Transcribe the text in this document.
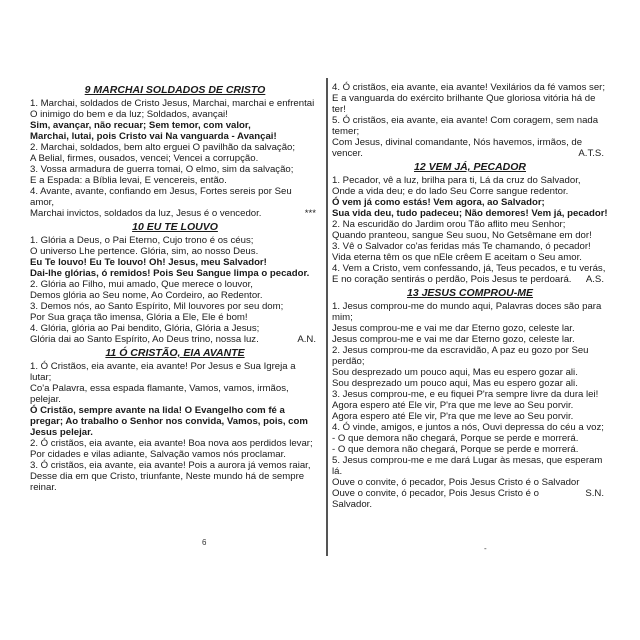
9 MARCHAI SOLDADOS DE CRISTO
1. Marchai, soldados de Cristo Jesus, Marchai, marchai e enfrentai
O inimigo do bem e da luz; Soldados, avançai!
Sim, avançar, não recuar; Sem temor, com valor,
Marchai, lutai, pois Cristo vai Na vanguarda - Avançai!
2. Marchai, soldados, bem alto erguei O pavilhão da salvação;
A Belial, firmes, ousados, vencei; Vencei a corrupção.
3. Vossa armadura de guerra tomai, O elmo, sim da salvação;
E a Espada: a Bíblia levai, E vencereis, então.
4. Avante, avante, confiando em Jesus, Fortes sereis por Seu
amor,
Marchai invictos, soldados da luz, Jesus é o vencedor.	***
10 EU TE LOUVO
1. Glória a Deus, o Pai Eterno, Cujo trono é os céus;
O universo Lhe pertence. Glória, sim, ao nosso Deus.
Eu Te louvo! Eu Te louvo! Oh! Jesus, meu Salvador!
Dai-lhe glórias, ó remidos! Pois Seu Sangue limpa o pecador.
2. Glória ao Filho, mui amado, Que merece o louvor,
Demos glória ao Seu nome, Ao Cordeiro, ao Redentor.
3. Demos nós, ao Santo Espírito, Mil louvores por seu dom;
Por Sua graça tão imensa, Glória a Ele, Ele é bom!
4. Glória, glória ao Pai bendito, Glória, Glória a Jesus;
Glória dai ao Santo Espírito, Ao Deus trino, nossa luz.	A.N.
11 Ó CRISTÃO, EIA AVANTE
1. Ó Cristãos, eia avante, eia avante! Por Jesus e Sua Igreja a
lutar;
Co'a Palavra, essa espada flamante, Vamos, vamos, irmãos,
pelejar.
Ó Cristão, sempre avante na lida! O Evangelho com fé a
pregar; Ao trabalho o Senhor nos convida, Vamos, pois, com
Jesus pelejar.
2. Ó cristãos, eia avante, eia avante! Boa nova aos perdidos levar;
Por cidades e vilas adiante, Salvação vamos nós proclamar.
3. Ó cristãos, eia avante, eia avante! Pois a aurora já vemos raiar,
Desse dia em que Cristo, triunfante, Neste mundo há de sempre
reinar.
4. Ó cristãos, eia avante, eia avante! Vexilários da fé vamos ser;
E a vanguarda do exército brilhante Que gloriosa vitória há de ter!
5. Ó cristãos, eia avante, eia avante! Com coragem, sem nada
temer;
Com Jesus, divinal comandante, Nós havemos, irmãos, de
vencer.	A.T.S.
12 VEM JÁ, PECADOR
1. Pecador, vê a luz, brilha para ti, Lá da cruz do Salvador,
Onde a vida deu; e do lado Seu Corre sangue redentor.
Ó vem já como estás! Vem agora, ao Salvador;
Sua vida deu, tudo padeceu; Não demores! Vem já, pecador!
2. Na escuridão do Jardim orou Tão aflito meu Senhor;
Quando pranteou, sangue Seu suou, No Getsêmane em dor!
3. Vê o Salvador co'as feridas más Te chamando, ó pecador!
Vida eterna têm os que nEle crêem E aceitam o Seu amor.
4. Vem a Cristo, vem confessando, já, Teus pecados, e tu verás,
E no coração sentirás o perdão, Pois Jesus te perdoará.	A.S.
13 JESUS COMPROU-ME
1. Jesus comprou-me do mundo aqui, Palavras doces são para
mim;
Jesus comprou-me e vai me dar Eterno gozo, celeste lar.
Jesus comprou-me e vai me dar Eterno gozo, celeste lar.
2. Jesus comprou-me da escravidão, A paz eu gozo por Seu
perdão;
Sou desprezado um pouco aqui, Mas eu espero gozar ali.
Sou desprezado um pouco aqui, Mas eu espero gozar ali.
3. Jesus comprou-me, e eu fiquei P'ra sempre livre da dura lei!
Agora espero até Ele vir, P'ra que me leve ao Seu porvir.
Agora espero até Ele vir, P'ra que me leve ao Seu porvir.
4. Ó vinde, amigos, e juntos a nós, Ouvi depressa do céu a voz;
- O que demora não chegará, Porque se perde e morrerá.
- O que demora não chegará, Porque se perde e morrerá.
5. Jesus comprou-me e me dará Lugar às mesas, que esperam lá.
Ouve o convite, ó pecador, Pois Jesus Cristo é o Salvador
Ouve o convite, ó pecador, Pois Jesus Cristo é o Salvador.
S.N.
6
-
